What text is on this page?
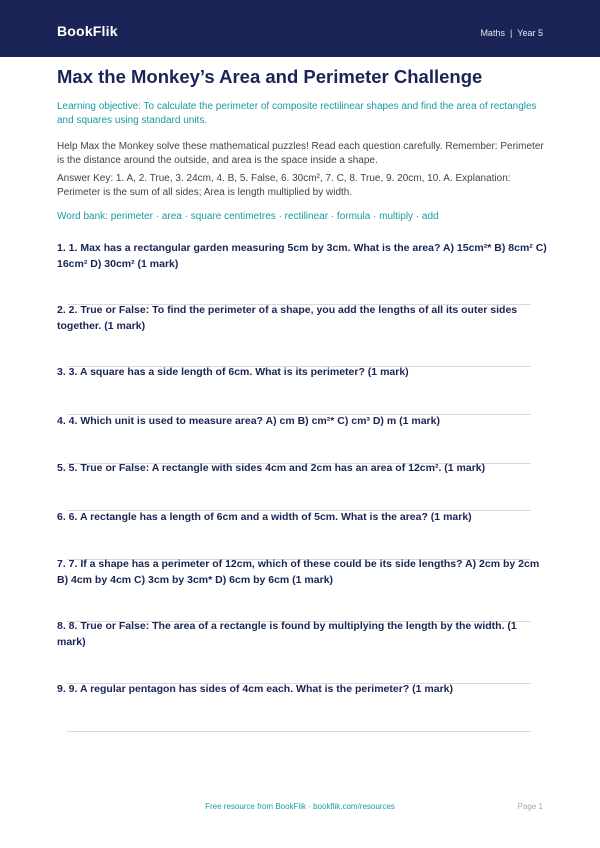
BookFlik	Maths | Year 5
Max the Monkey’s Area and Perimeter Challenge
Learning objective: To calculate the perimeter of composite rectilinear shapes and find the area of rectangles and squares using standard units.
Help Max the Monkey solve these mathematical puzzles! Read each question carefully. Remember: Perimeter is the distance around the outside, and area is the space inside a shape.
Answer Key: 1. A, 2. True, 3. 24cm, 4. B, 5. False, 6. 30cm², 7. C, 8. True, 9. 20cm, 10. A. Explanation: Perimeter is the sum of all sides; Area is length multiplied by width.
Word bank: perimeter · area · square centimetres · rectilinear · formula · multiply · add
1. 1. Max has a rectangular garden measuring 5cm by 3cm. What is the area? A) 15cm²* B) 8cm² C) 16cm² D) 30cm² (1 mark)
2. 2. True or False: To find the perimeter of a shape, you add the lengths of all its outer sides together. (1 mark)
3. 3. A square has a side length of 6cm. What is its perimeter? (1 mark)
4. 4. Which unit is used to measure area? A) cm B) cm²* C) cm³ D) m (1 mark)
5. 5. True or False: A rectangle with sides 4cm and 2cm has an area of 12cm². (1 mark)
6. 6. A rectangle has a length of 6cm and a width of 5cm. What is the area? (1 mark)
7. 7. If a shape has a perimeter of 12cm, which of these could be its side lengths? A) 2cm by 2cm B) 4cm by 4cm C) 3cm by 3cm* D) 6cm by 6cm (1 mark)
8. 8. True or False: The area of a rectangle is found by multiplying the length by the width. (1 mark)
9. 9. A regular pentagon has sides of 4cm each. What is the perimeter? (1 mark)
Free resource from BookFlik · bookflik.com/resources	Page 1
